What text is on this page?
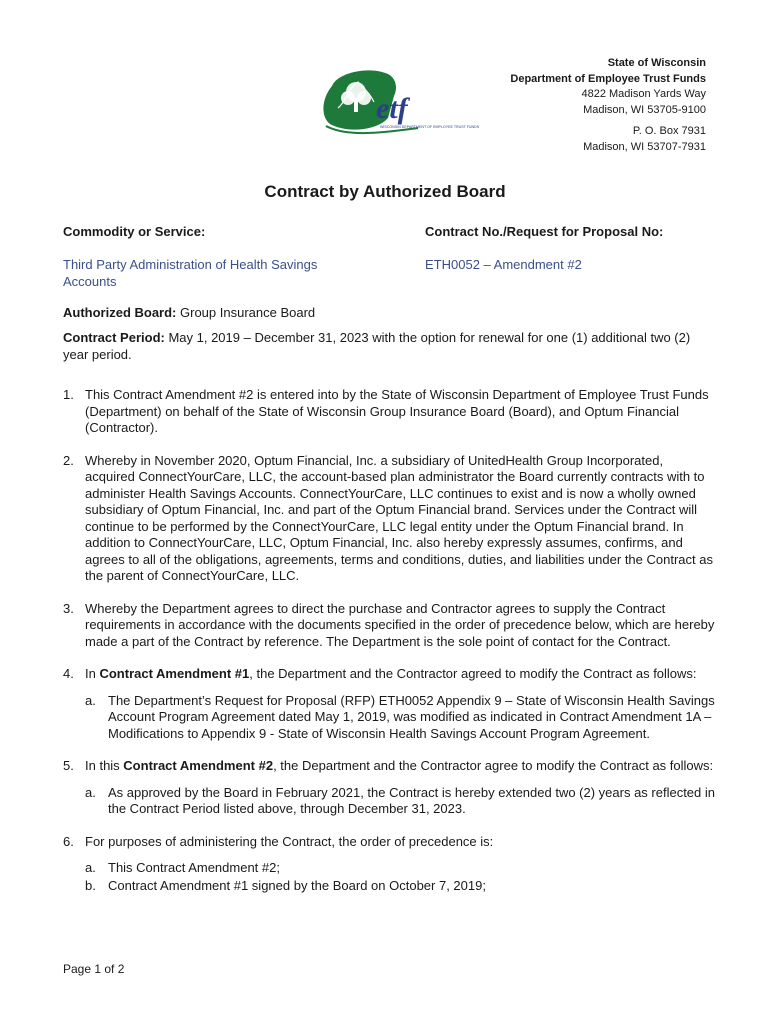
etf
WISCONSIN DEPARTMENT OF EMPLOYEE TRUST FUNDS
State of Wisconsin
Department of Employee Trust Funds
4822 Madison Yards Way
Madison, WI 53705-9100
P. O. Box 7931
Madison, WI 53707-7931
Contract by Authorized Board
Commodity or Service:	Contract No./Request for Proposal No:
Third Party Administration of Health Savings Accounts
ETH0052 – Amendment #2
Authorized Board: Group Insurance Board
Contract Period: May 1, 2019 – December 31, 2023 with the option for renewal for one (1) additional two (2) year period.
1. This Contract Amendment #2 is entered into by the State of Wisconsin Department of Employee Trust Funds (Department) on behalf of the State of Wisconsin Group Insurance Board (Board), and Optum Financial (Contractor).
2. Whereby in November 2020, Optum Financial, Inc. a subsidiary of UnitedHealth Group Incorporated, acquired ConnectYourCare, LLC, the account-based plan administrator the Board currently contracts with to administer Health Savings Accounts. ConnectYourCare, LLC continues to exist and is now a wholly owned subsidiary of Optum Financial, Inc. and part of the Optum Financial brand. Services under the Contract will continue to be performed by the ConnectYourCare, LLC legal entity under the Optum Financial brand. In addition to ConnectYourCare, LLC, Optum Financial, Inc. also hereby expressly assumes, confirms, and agrees to all of the obligations, agreements, terms and conditions, duties, and liabilities under the Contract as the parent of ConnectYourCare, LLC.
3. Whereby the Department agrees to direct the purchase and Contractor agrees to supply the Contract requirements in accordance with the documents specified in the order of precedence below, which are hereby made a part of the Contract by reference. The Department is the sole point of contact for the Contract.
4. In Contract Amendment #1, the Department and the Contractor agreed to modify the Contract as follows:
a. The Department’s Request for Proposal (RFP) ETH0052 Appendix 9 – State of Wisconsin Health Savings Account Program Agreement dated May 1, 2019, was modified as indicated in Contract Amendment 1A – Modifications to Appendix 9 - State of Wisconsin Health Savings Account Program Agreement.
5. In this Contract Amendment #2, the Department and the Contractor agree to modify the Contract as follows:
a. As approved by the Board in February 2021, the Contract is hereby extended two (2) years as reflected in the Contract Period listed above, through December 31, 2023.
6. For purposes of administering the Contract, the order of precedence is:
a. This Contract Amendment #2;
b. Contract Amendment #1 signed by the Board on October 7, 2019;
Page 1 of 2
